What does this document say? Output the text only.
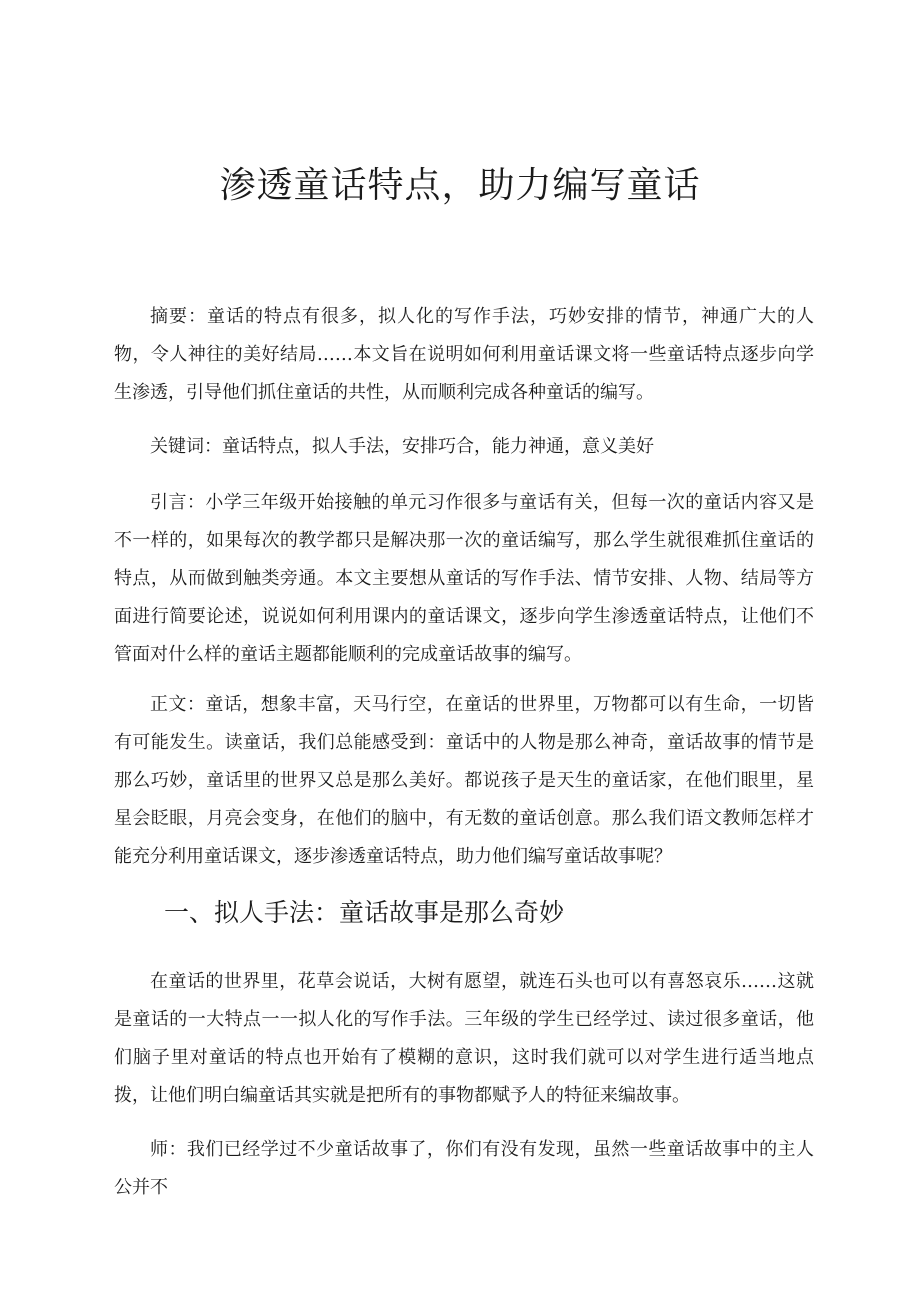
渗透童话特点，助力编写童话

摘要：童话的特点有很多，拟人化的写作手法，巧妙安排的情节，神通广大的人物，令人神往的美好结局……本文旨在说明如何利用童话课文将一些童话特点逐步向学生渗透，引导他们抓住童话的共性，从而顺利完成各种童话的编写。

关键词：童话特点，拟人手法，安排巧合，能力神通，意义美好

引言：小学三年级开始接触的单元习作很多与童话有关，但每一次的童话内容又是不一样的，如果每次的教学都只是解决那一次的童话编写，那么学生就很难抓住童话的特点，从而做到触类旁通。本文主要想从童话的写作手法、情节安排、人物、结局等方面进行简要论述，说说如何利用课内的童话课文，逐步向学生渗透童话特点，让他们不管面对什么样的童话主题都能顺利的完成童话故事的编写。

正文：童话，想象丰富，天马行空，在童话的世界里，万物都可以有生命，一切皆有可能发生。读童话，我们总能感受到：童话中的人物是那么神奇，童话故事的情节是那么巧妙，童话里的世界又总是那么美好。都说孩子是天生的童话家，在他们眼里，星星会眨眼，月亮会变身，在他们的脑中，有无数的童话创意。那么我们语文教师怎样才能充分利用童话课文，逐步渗透童话特点，助力他们编写童话故事呢？

一、拟人手法：童话故事是那么奇妙

在童话的世界里，花草会说话，大树有愿望，就连石头也可以有喜怒哀乐……这就是童话的一大特点一一拟人化的写作手法。三年级的学生已经学过、读过很多童话，他们脑子里对童话的特点也开始有了模糊的意识，这时我们就可以对学生进行适当地点拨，让他们明白编童话其实就是把所有的事物都赋予人的特征来编故事。

师：我们已经学过不少童话故事了，你们有没有发现，虽然一些童话故事中的主人公并不
